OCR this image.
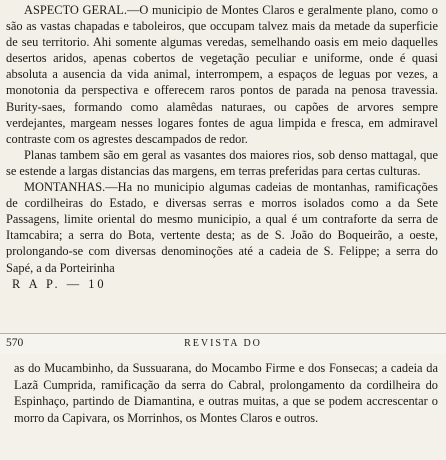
ASPECTO GERAL.—O municipio de Montes Claros e geralmente plano, como o são as vastas chapadas e taboleiros, que occupam talvez mais da metade da superficie de seu territorio. Ahi somente algumas veredas, semelhando oasis em meio daquelles desertos aridos, apenas cobertos de vegetação peculiar e uniforme, onde é quasi absoluta a ausencia da vida animal, interrompem, a espaços de leguas por vezes, a monotonia da perspectiva e offerecem raros pontos de parada na penosa travessia. Burity-saes, formando como alamêdas naturaes, ou capões de arvores sempre verdejantes, margeam nesses logares fontes de agua limpida e fresca, em admiravel contraste com os agrestes descampados de redor.

Planas tambem são em geral as vasantes dos maiores rios, sob denso mattagal, que se estende a largas distancias das margens, em terras preferidas para certas culturas.

MONTANHAS.—Ha no municipio algumas cadeias de montanhas, ramificações de cordilheiras do Estado, e diversas serras e morros isolados como a da Sete Passagens, limite oriental do mesmo municipio, a qual é um contraforte da serra de Itamcabira; a serra do Bota, vertente desta; as de S. João do Boqueirão, a oeste, prolongando-se com diversas denominoções até a cadeia de S. Felippe; a serra do Sapé, a da Porteirinha

R A P. — 10

570	REVISTA DO

as do Mucambinho, da Sussuarana, do Mocambo Firme e dos Fonsecas; a cadeia da Lazã Cumprida, ramificação da serra do Cabral, prolongamento da cordilheira do Espinhaço, partindo de Diamantina, e outras muitas, a que se podem accrescentar o morro da Capivara, os Morrinhos, os Montes Claros e outros.
